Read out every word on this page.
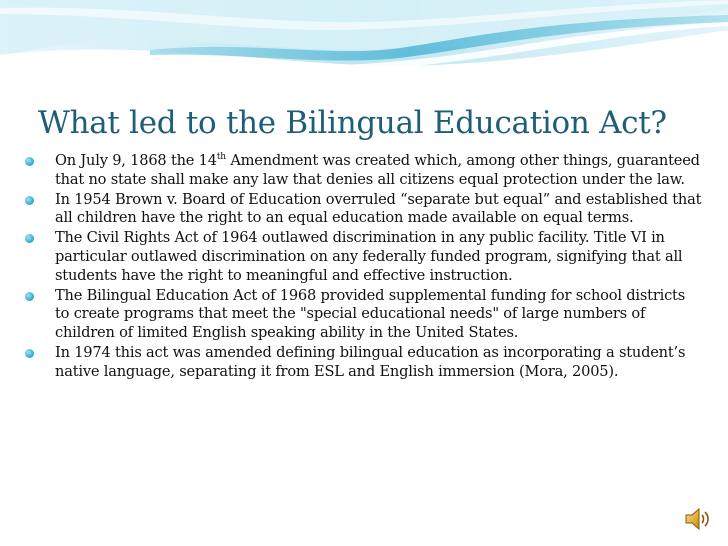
What led to the Bilingual Education Act?
On July 9, 1868 the 14th Amendment was created which, among other things, guaranteed that no state shall make any law that denies all citizens equal protection under the law.
In 1954 Brown v. Board of Education overruled “separate but equal” and established that all children have the right to an equal education made available on equal terms.
The Civil Rights Act of 1964 outlawed discrimination in any public facility. Title VI in particular outlawed discrimination on any federally funded program, signifying that all students have the right to meaningful and effective instruction.
The Bilingual Education Act of 1968 provided supplemental funding for school districts to create programs that meet the "special educational needs" of large numbers of children of limited English speaking ability in the United States.
In 1974 this act was amended defining bilingual education as incorporating a student’s native language, separating it from ESL and English immersion (Mora, 2005).
